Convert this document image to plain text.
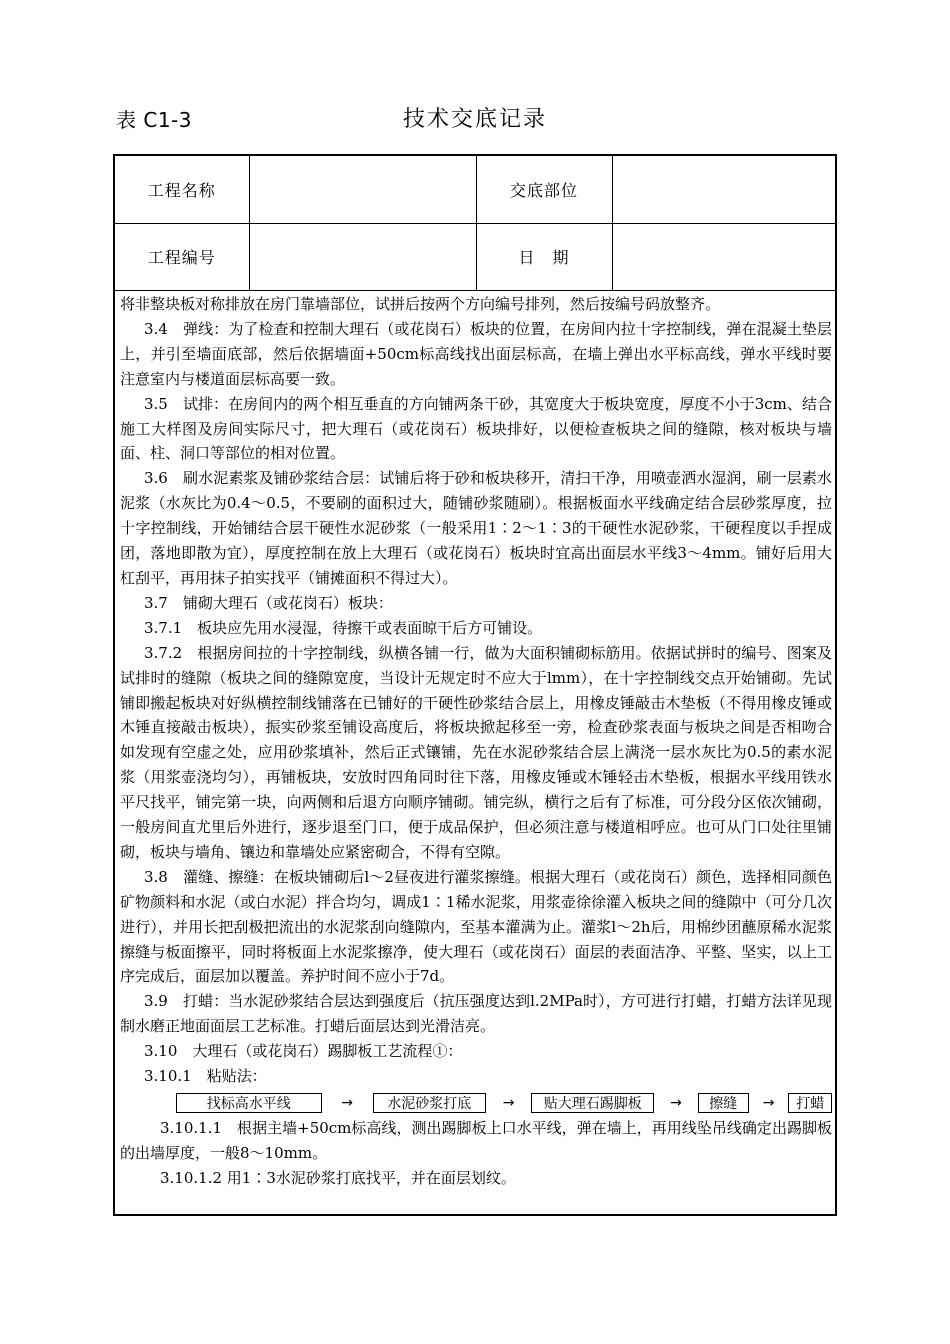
表 C1-3	技术交底记录
工程名称		交底部位	
工程编号		日　期	

将非整块板对称排放在房门靠墙部位，试拼后按两个方向编号排列，然后按编号码放整齐。

3.4　弹线：为了检查和控制大理石（或花岗石）板块的位置，在房间内拉十字控制线，弹在混凝土垫层上，并引至墙面底部，然后依据墙面+50cm标高线找出面层标高，在墙上弹出水平标高线，弹水平线时要注意室内与楼道面层标高要一致。

3.5　试排：在房间内的两个相互垂直的方向铺两条干砂，其宽度大于板块宽度，厚度不小于3cm、结合施工大样图及房间实际尺寸，把大理石（或花岗石）板块排好，以便检查板块之间的缝隙，核对板块与墙面、柱、洞口等部位的相对位置。

3.6　刷水泥素浆及铺砂浆结合层：试铺后将于砂和板块移开，清扫干净，用喷壶洒水湿润，刷一层素水泥浆（水灰比为0.4～0.5，不要刷的面积过大，随铺砂浆随刷）。根据板面水平线确定结合层砂浆厚度，拉十字控制线，开始铺结合层干硬性水泥砂浆（一般采用1∶2～1∶3的干硬性水泥砂浆，干硬程度以手捏成团，落地即散为宜），厚度控制在放上大理石（或花岗石）板块时宜高出面层水平线3～4mm。铺好后用大杠刮平，再用抹子拍实找平（铺摊面积不得过大）。

3.7　铺砌大理石（或花岗石）板块：

3.7.1　板块应先用水浸湿，待擦干或表面晾干后方可铺设。

3.7.2　根据房间拉的十字控制线，纵横各铺一行，做为大面积铺砌标筋用。依据试拼时的编号、图案及试排时的缝隙（板块之间的缝隙宽度，当设计无规定时不应大于lmm），在十字控制线交点开始铺砌。先试铺即搬起板块对好纵横控制线铺落在已铺好的干硬性砂浆结合层上，用橡皮锤敲击木垫板（不得用橡皮锤或木锤直接敲击板块），振实砂浆至铺设高度后，将板块掀起移至一旁，检查砂浆表面与板块之间是否相吻合如发现有空虚之处，应用砂浆填补，然后正式镶铺，先在水泥砂浆结合层上满浇一层水灰比为0.5的素水泥浆（用浆壶浇均匀），再铺板块，安放时四角同时往下落，用橡皮锤或木锤轻击木垫板，根据水平线用铁水平尺找平，铺完第一块，向两侧和后退方向顺序铺砌。铺完纵，横行之后有了标准，可分段分区依次铺砌，一般房间直尤里后外进行，逐步退至门口，便于成品保护，但必须注意与楼道相呼应。也可从门口处往里铺砌，板块与墙角、镶边和靠墙处应紧密砌合，不得有空隙。

3.8　灌缝、擦缝：在板块铺砌后l～2昼夜进行灌浆擦缝。根据大理石（或花岗石）颜色，选择相同颜色矿物颜料和水泥（或白水泥）拌合均匀，调成1∶1稀水泥浆，用浆壶徐徐灌入板块之间的缝隙中（可分几次进行），并用长把刮极把流出的水泥浆刮向缝隙内，至基本灌满为止。灌浆l～2h后，用棉纱团蘸原稀水泥浆擦缝与板面擦平，同时将板面上水泥浆擦净，使大理石（或花岗石）面层的表面洁净、平整、坚实，以上工序完成后，面层加以覆盖。养护时间不应小于7d。

3.9　打蜡：当水泥砂浆结合层达到强度后（抗压强度达到l.2MPa时），方可进行打蜡，打蜡方法详见现制水磨正地面面层工艺标准。打蜡后面层达到光滑洁亮。

3.10　大理石（或花岗石）踢脚板工艺流程①：

3.10.1　粘贴法：

找标高水平线	→	水泥砂浆打底	→	贴大理石踢脚板	→	擦缝	→	打蜡

3.10.1.1　根据主墙+50cm标高线，测出踢脚板上口水平线，弹在墙上，再用线坠吊线确定出踢脚板的出墙厚度，一般8～10mm。

3.10.1.2 用1∶3水泥砂浆打底找平，并在面层划纹。
